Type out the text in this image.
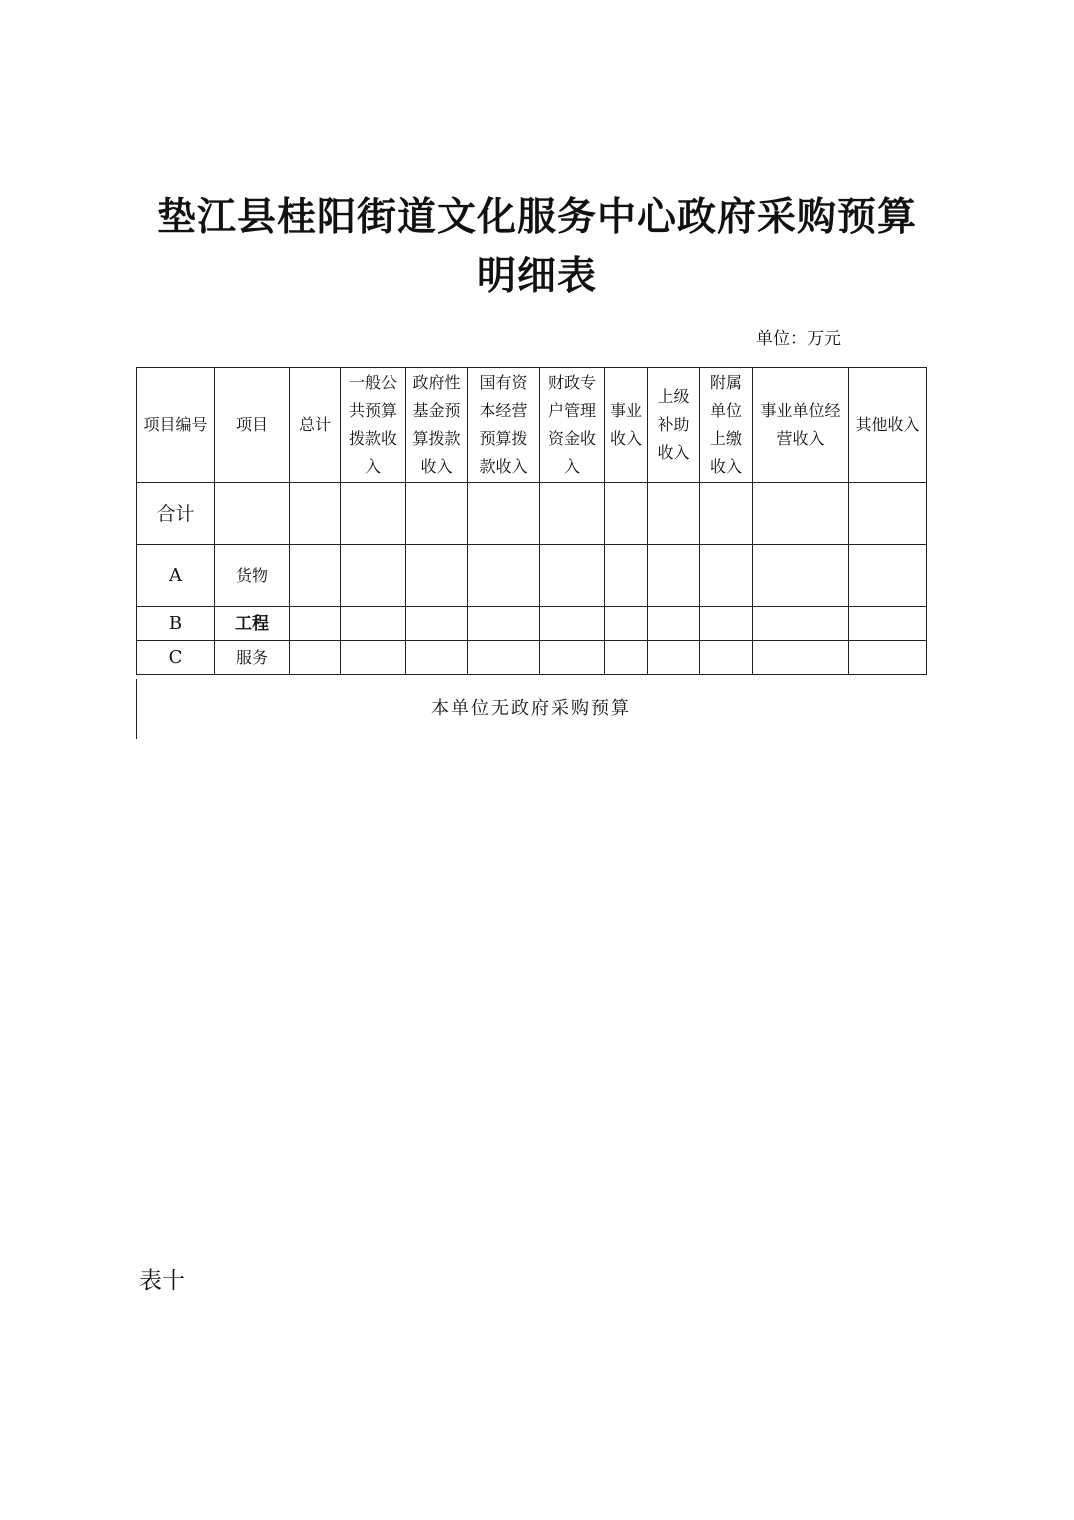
垫江县桂阳街道文化服务中心政府采购预算
明细表
单位：万元
项目编号	项目	总计	一般公共预算拨款收入	政府性基金预算拨款收入	国有资本经营预算拨款收入	财政专户管理资金收入	事业收入	上级补助收入	附属单位上缴收入	事业单位经营收入	其他收入

合计											
A	货物										
B	工程										
C	服务										
本单位无政府采购预算
表十
